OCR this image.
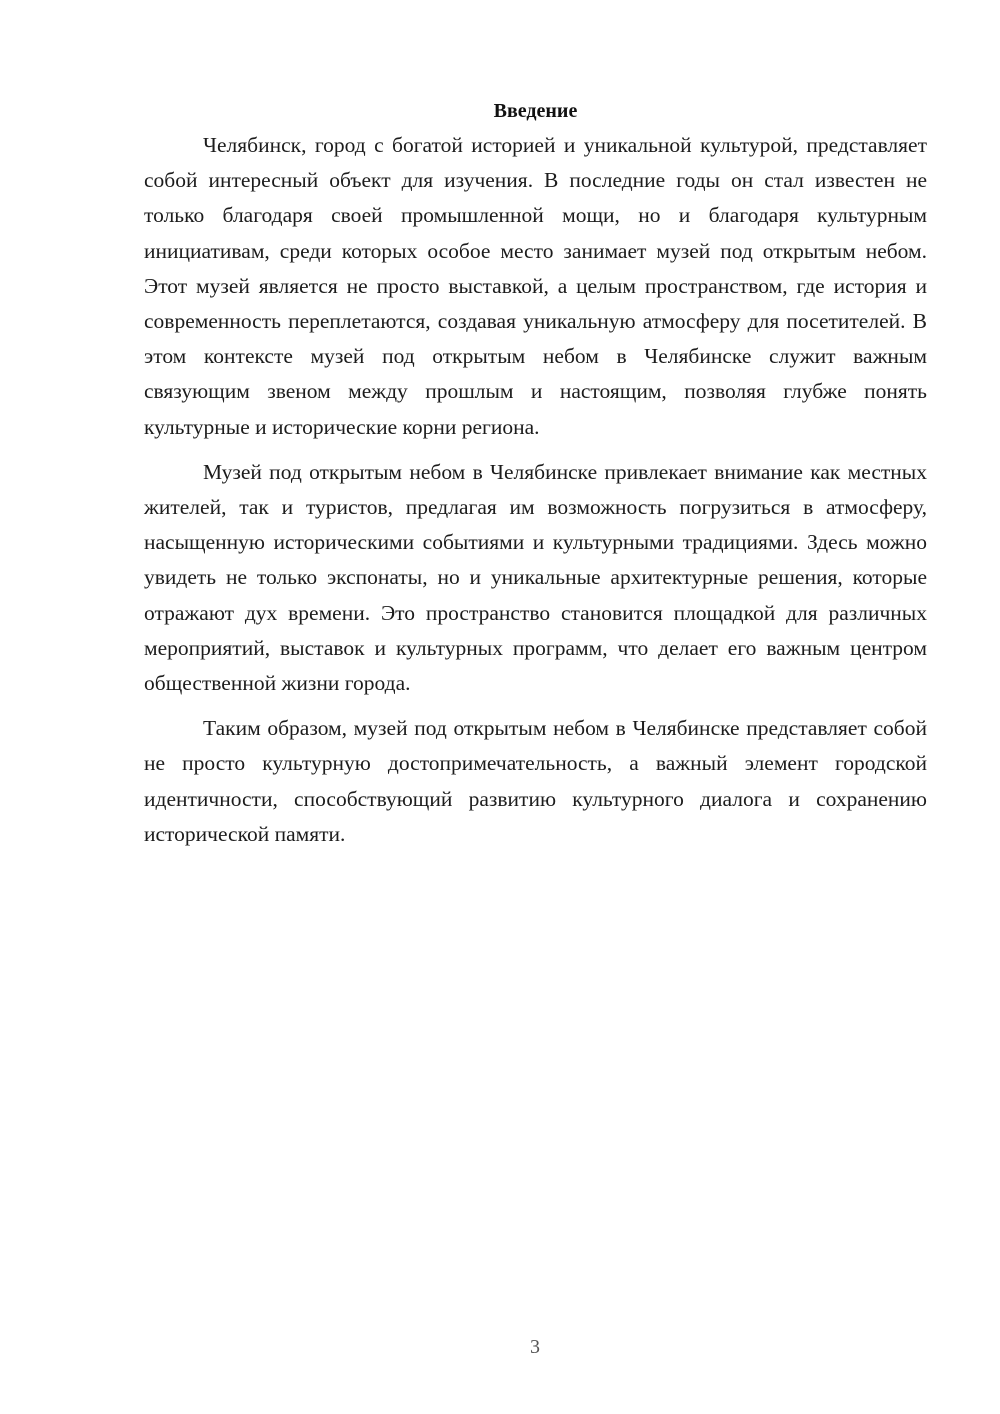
Введение

Челябинск, город с богатой историей и уникальной культурой, представляет собой интересный объект для изучения. В последние годы он стал известен не только благодаря своей промышленной мощи, но и благодаря культурным инициативам, среди которых особое место занимает музей под открытым небом. Этот музей является не просто выставкой, а целым пространством, где история и современность переплетаются, создавая уникальную атмосферу для посетителей. В этом контексте музей под открытым небом в Челябинске служит важным связующим звеном между прошлым и настоящим, позволяя глубже понять культурные и исторические корни региона.

Музей под открытым небом в Челябинске привлекает внимание как местных жителей, так и туристов, предлагая им возможность погрузиться в атмосферу, насыщенную историческими событиями и культурными традициями. Здесь можно увидеть не только экспонаты, но и уникальные архитектурные решения, которые отражают дух времени. Это пространство становится площадкой для различных мероприятий, выставок и культурных программ, что делает его важным центром общественной жизни города.

Таким образом, музей под открытым небом в Челябинске представляет собой не просто культурную достопримечательность, а важный элемент городской идентичности, способствующий развитию культурного диалога и сохранению исторической памяти.

3
